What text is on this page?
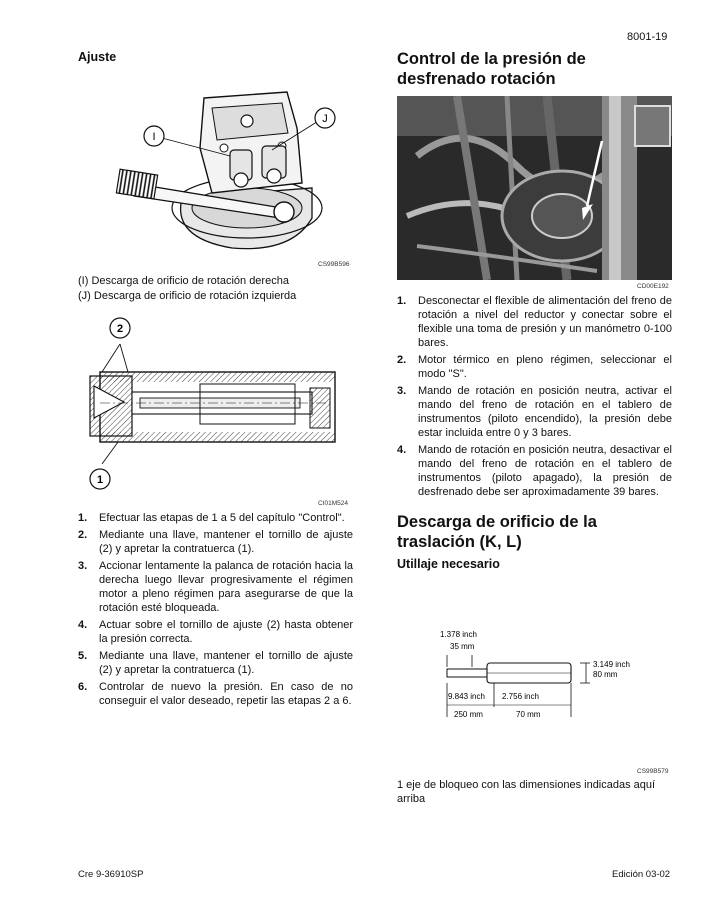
8001-19
Ajuste
I
J
CS99B596
(I) Descarga de orificio de rotación derecha
(J) Descarga de orificio de rotación izquierda
2
1
CI01M524
1. Efectuar las etapas de 1 a 5 del capítulo "Control".
2. Mediante una llave, mantener el tornillo de ajuste (2) y apretar la contratuerca (1).
3. Accionar lentamente la palanca de rotación hacia la derecha luego llevar progresivamente el régimen motor a pleno régimen para asegurarse de que la rotación esté bloqueada.
4. Actuar sobre el tornillo de ajuste (2) hasta obtener la presión correcta.
5. Mediante una llave, mantener el tornillo de ajuste (2) y apretar la contratuerca (1).
6. Controlar de nuevo la presión. En caso de no conseguir el valor deseado, repetir las etapas 2 a 6.
Control de la presión de desfrenado rotación
CD00E192
1. Desconectar el flexible de alimentación del freno de rotación a nivel del reductor y conectar sobre el flexible una toma de presión y un manómetro 0-100 bares.
2. Motor térmico en pleno régimen, seleccionar el modo "S".
3. Mando de rotación en posición neutra, activar el mando del freno de rotación en el tablero de instrumentos (piloto encendido), la presión debe estar incluida entre 0 y 3 bares.
4. Mando de rotación en posición neutra, desactivar el mando del freno de rotación en el tablero de instrumentos (piloto apagado), la presión de desfrenado debe ser aproximadamente 39 bares.
Descarga de orificio de la traslación (K, L)
Utillaje necesario
1.378 inch
35 mm
3.149 inch
80 mm
9.843 inch 2.756 inch
250 mm	70 mm
CS99B579
1 eje de bloqueo con las dimensiones indicadas aquí arriba
Cre 9-36910SP	Edición 03-02
